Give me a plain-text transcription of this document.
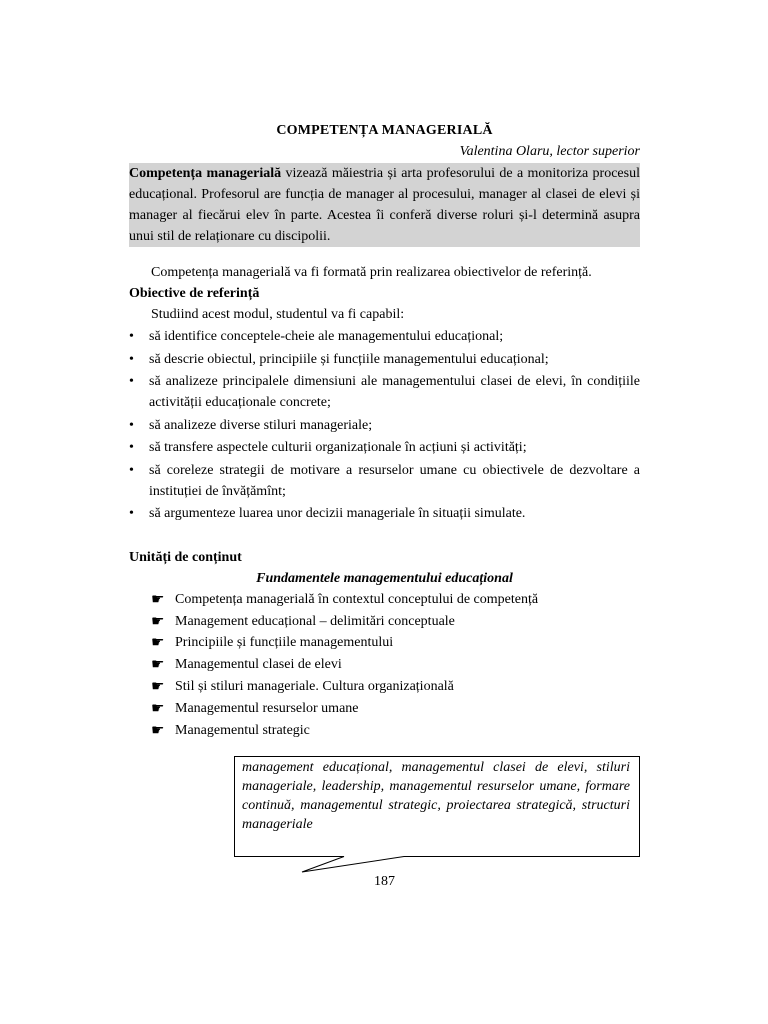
COMPETENȚA MANAGERIALĂ
Valentina Olaru, lector superior

Competența managerială vizează măiestria și arta profesorului de a monitoriza procesul educațional. Profesorul are funcția de manager al procesului, manager al clasei de elevi și manager al fiecărui elev în parte. Acestea îi conferă diverse roluri și-l determină asupra unui stil de relaționare cu discipolii.

Competența managerială va fi formată prin realizarea obiectivelor de referință.
Obiective de referință
Studiind acest modul, studentul va fi capabil:
• să identifice conceptele-cheie ale managementului educațional;
• să descrie obiectul, principiile și funcțiile managementului educațional;
• să analizeze principalele dimensiuni ale managementului clasei de elevi, în condițiile activității educaționale concrete;
• să analizeze diverse stiluri manageriale;
• să transfere aspectele culturii organizaționale în acțiuni și activități;
• să coreleze strategii de motivare a resurselor umane cu obiectivele de dezvoltare a instituției de învățămînt;
• să argumenteze luarea unor decizii manageriale în situații simulate.
Unități de conținut
Fundamentele managementului educațional
☛ Competența managerială în contextul conceptului de competență
☛ Management educațional – delimitări conceptuale
☛ Principiile și funcțiile managementului
☛ Managementul clasei de elevi
☛ Stil și stiluri manageriale. Cultura organizațională
☛ Managementul resurselor umane
☛ Managementul strategic
187
management educațional, managementul clasei de elevi, stiluri manageriale, leadership, managementul resurselor umane, formare continuă, managementul strategic, proiectarea strategică, structuri manageriale
